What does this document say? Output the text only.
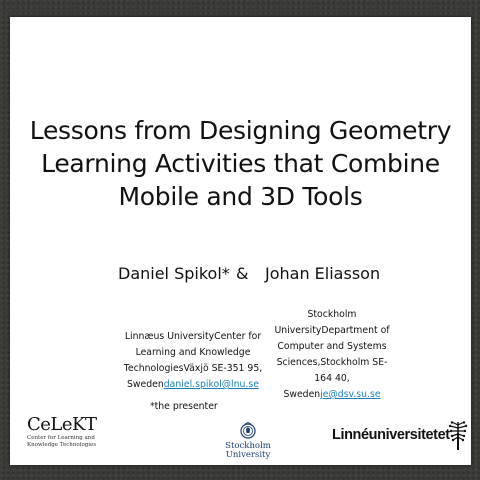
Lessons from Designing Geometry
Learning Activities that Combine
Mobile and 3D Tools
Daniel Spikol* & Johan Eliasson
Linnæus UniversityCenter for
Learning and Knowledge
TechnologiesVäxjö SE-351 95,
Swedendaniel.spikol@lnu.se
Stockholm
UniversityDepartment of
Computer and Systems
Sciences,Stockholm SE-164 40,
Swedenje@dsv.su.se
*the presenter
CeLeKT
Center for Learning and
Knowledge Technologies	Stockholm
University
Linnéuniversitetet
